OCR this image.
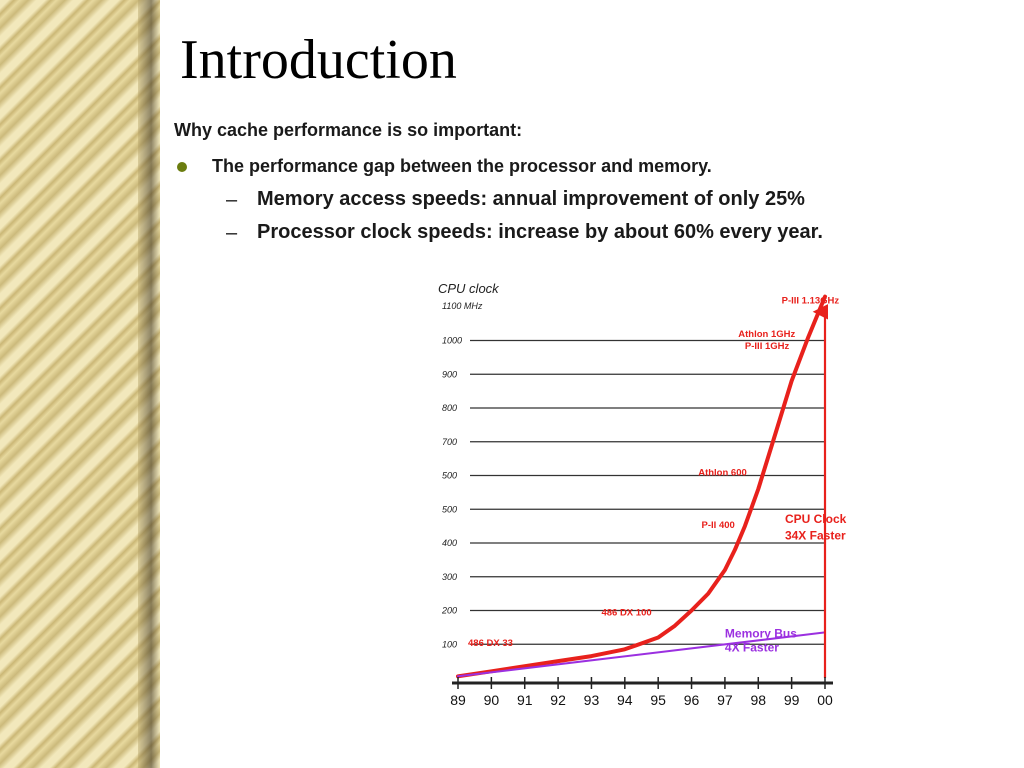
Introduction
Why cache performance is so important:
The performance gap between the processor and memory.
– Memory access speeds: annual improvement of only 25%
– Processor clock speeds: increase by about 60% every year.
CPU clock
1100 MHz
100
200
300
400
500
500
700
800
900
1000
P-III 1.13GHz
Athlon 1GHz
P-III 1GHz
Athlon 600
P-II 400
486 DX 100
486 DX 33
CPU Clock
34X Faster
Memory Bus
4X Faster
89 90 91 92 93 94 95 96 97 98 99 00
